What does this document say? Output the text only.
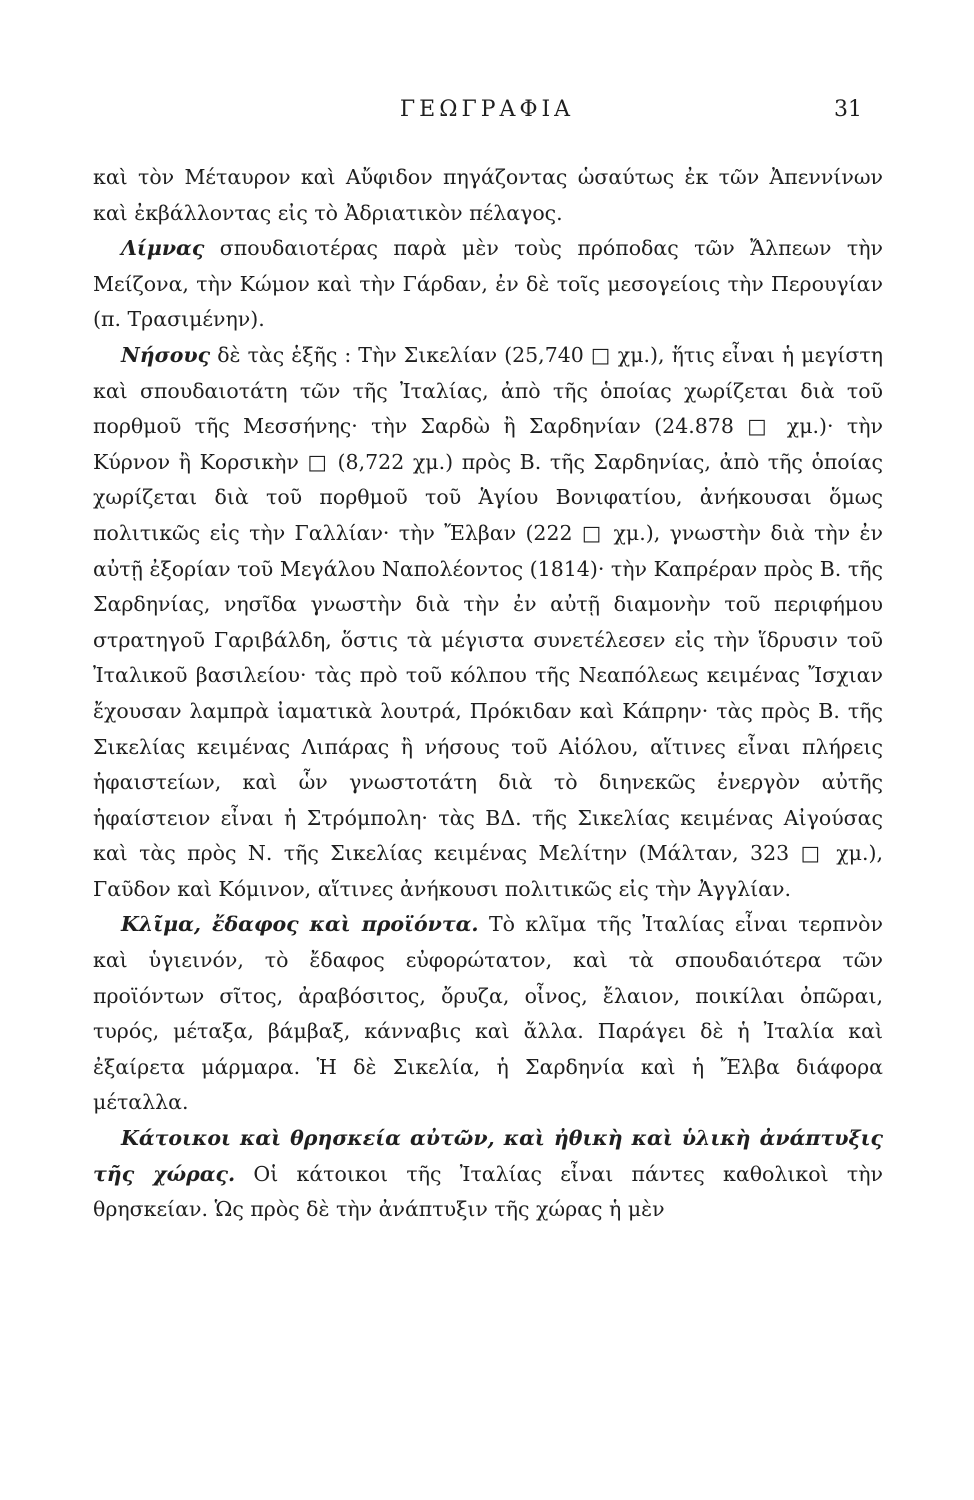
ΓΕΩΓΡΑΦΙΑ	31

καὶ τὸν Μέταυρον καὶ Αὔφιδον πηγάζοντας ὡσαύτως ἐκ τῶν Ἀπεννίνων καὶ ἐκβάλλοντας εἰς τὸ Ἀδριατικὸν πέλαγος.

Λίμνας σπουδαιοτέρας παρὰ μὲν τοὺς πρόποδας τῶν Ἄλπεων τὴν Μείζονα, τὴν Κώμον καὶ τὴν Γάρδαν, ἐν δὲ τοῖς μεσογείοις τὴν Περουγίαν (π. Τρασιμένην).

Νήσους δὲ τὰς ἑξῆς : Τὴν Σικελίαν (25,740 □ χμ.), ἥτις εἶναι ἡ μεγίστη καὶ σπουδαιοτάτη τῶν τῆς Ἰταλίας, ἀπὸ τῆς ὁποίας χωρίζεται διὰ τοῦ πορθμοῦ τῆς Μεσσήνης· τὴν Σαρδὼ ἢ Σαρδηνίαν (24.878 □ χμ.)· τὴν Κύρνον ἢ Κορσικὴν □ (8,722 χμ.) πρὸς Β. τῆς Σαρδηνίας, ἀπὸ τῆς ὁποίας χωρίζεται διὰ τοῦ πορθμοῦ τοῦ Ἁγίου Βονιφατίου, ἀνήκουσαι ὅμως πολιτικῶς εἰς τὴν Γαλλίαν· τὴν Ἔλβαν (222 □ χμ.), γνωστὴν διὰ τὴν ἐν αὐτῇ ἐξορίαν τοῦ Μεγάλου Ναπολέοντος (1814)· τὴν Καπρέραν πρὸς Β. τῆς Σαρδηνίας, νησῖδα γνωστὴν διὰ τὴν ἐν αὐτῇ διαμονὴν τοῦ περιφήμου στρατηγοῦ Γαριβάλδη, ὅστις τὰ μέγιστα συνετέλεσεν εἰς τὴν ἵδρυσιν τοῦ Ἰταλικοῦ βασιλείου· τὰς πρὸ τοῦ κόλπου τῆς Νεαπόλεως κειμένας Ἴσχιαν ἔχουσαν λαμπρὰ ἰαματικὰ λουτρά, Πρόκιδαν καὶ Κάπρην· τὰς πρὸς Β. τῆς Σικελίας κειμένας Λιπάρας ἢ νήσους τοῦ Αἰόλου, αἵτινες εἶναι πλήρεις ἡφαιστείων, καὶ ὧν γνωστοτάτη διὰ τὸ διηνεκῶς ἐνεργὸν αὐτῆς ἡφαίστειον εἶναι ἡ Στρόμπολη· τὰς ΒΔ. τῆς Σικελίας κειμένας Αἰγούσας καὶ τὰς πρὸς Ν. τῆς Σικελίας κειμένας Μελίτην (Μάλταν, 323 □ χμ.), Γαῦδον καὶ Κόμινον, αἵτινες ἀνήκουσι πολιτικῶς εἰς τὴν Ἀγγλίαν.

Κλῖμα, ἔδαφος καὶ προϊόντα. Τὸ κλῖμα τῆς Ἰταλίας εἶναι τερπνὸν καὶ ὑγιεινόν, τὸ ἔδαφος εὐφορώτατον, καὶ τὰ σπουδαιότερα τῶν προϊόντων σῖτος, ἀραβόσιτος, ὄρυζα, οἶνος, ἔλαιον, ποικίλαι ὀπῶραι, τυρός, μέταξα, βάμβαξ, κάνναβις καὶ ἄλλα. Παράγει δὲ ἡ Ἰταλία καὶ ἐξαίρετα μάρμαρα. Ἡ δὲ Σικελία, ἡ Σαρδηνία καὶ ἡ Ἔλβα διάφορα μέταλλα.

Κάτοικοι καὶ θρησκεία αὐτῶν, καὶ ἠθικὴ καὶ ὑλικὴ ἀνάπτυξις τῆς χώρας. Οἱ κάτοικοι τῆς Ἰταλίας εἶναι πάντες καθολικοὶ τὴν θρησκείαν. Ὡς πρὸς δὲ τὴν ἀνάπτυξιν τῆς χώρας ἡ μὲν
